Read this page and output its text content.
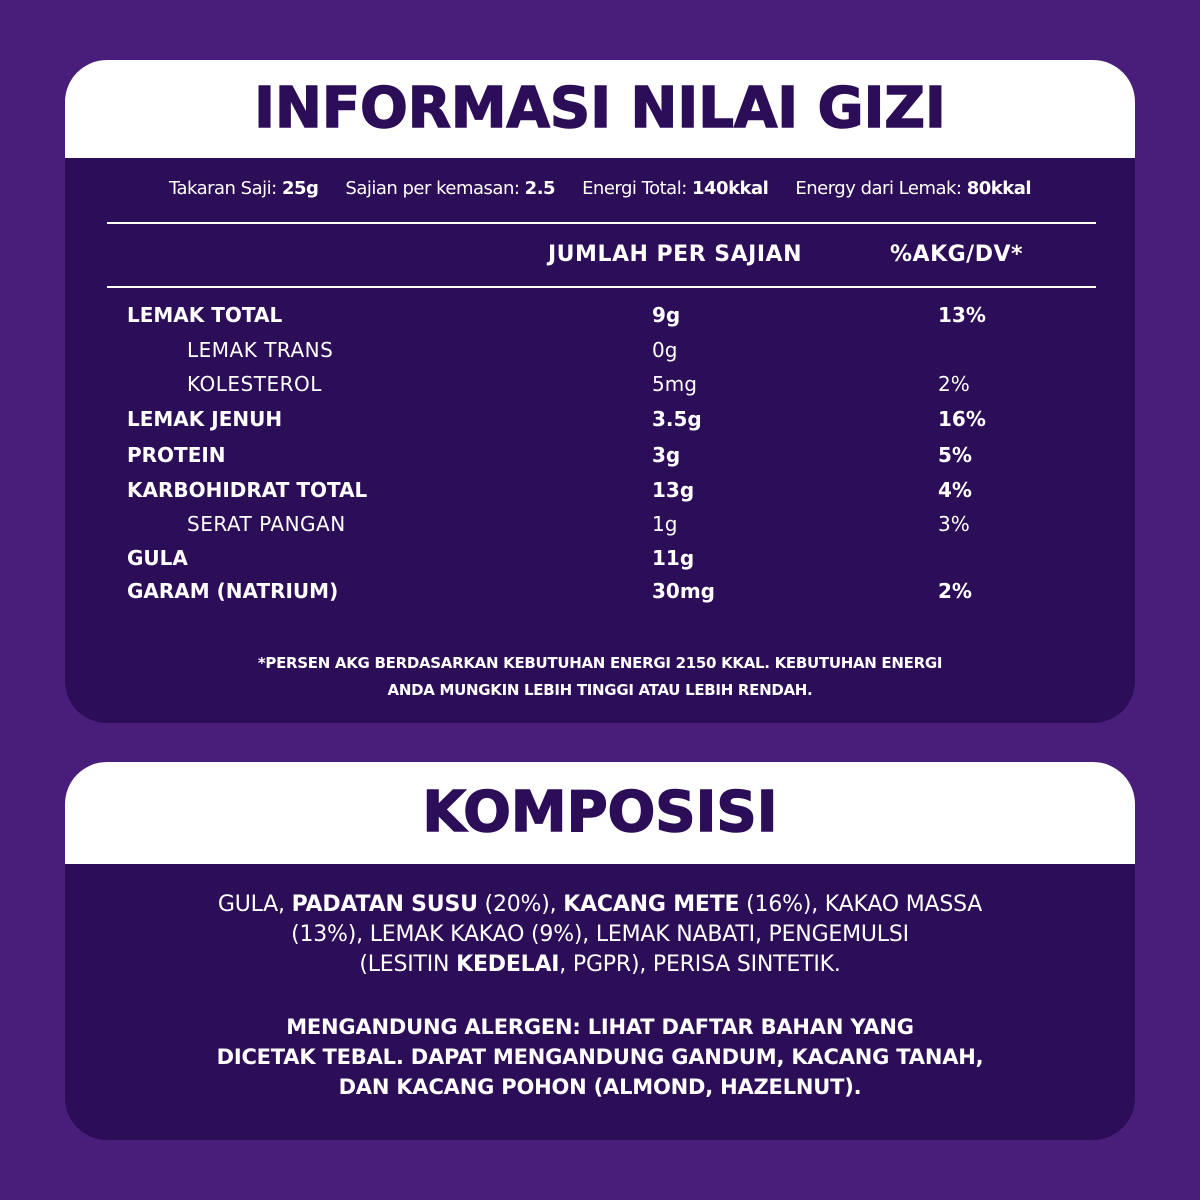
INFORMASI NILAI GIZI
Takaran Saji: 25g Sajian per kemasan: 2.5 Energi Total: 140kkal Energy dari Lemak: 80kkal
JUMLAH PER SAJIAN	%AKG/DV*
LEMAK TOTAL	9g	13%
LEMAK TRANS	0g
KOLESTEROL	5mg	2%
LEMAK JENUH	3.5g	16%
PROTEIN	3g	5%
KARBOHIDRAT TOTAL	13g	4%
SERAT PANGAN	1g	3%
GULA	11g
GARAM (NATRIUM)	30mg	2%
*PERSEN AKG BERDASARKAN KEBUTUHAN ENERGI 2150 KKAL. KEBUTUHAN ENERGI
ANDA MUNGKIN LEBIH TINGGI ATAU LEBIH RENDAH.
KOMPOSISI
GULA, PADATAN SUSU (20%), KACANG METE (16%), KAKAO MASSA
(13%), LEMAK KAKAO (9%), LEMAK NABATI, PENGEMULSI
(LESITIN KEDELAI, PGPR), PERISA SINTETIK.
MENGANDUNG ALERGEN: LIHAT DAFTAR BAHAN YANG
DICETAK TEBAL. DAPAT MENGANDUNG GANDUM, KACANG TANAH,
DAN KACANG POHON (ALMOND, HAZELNUT).
